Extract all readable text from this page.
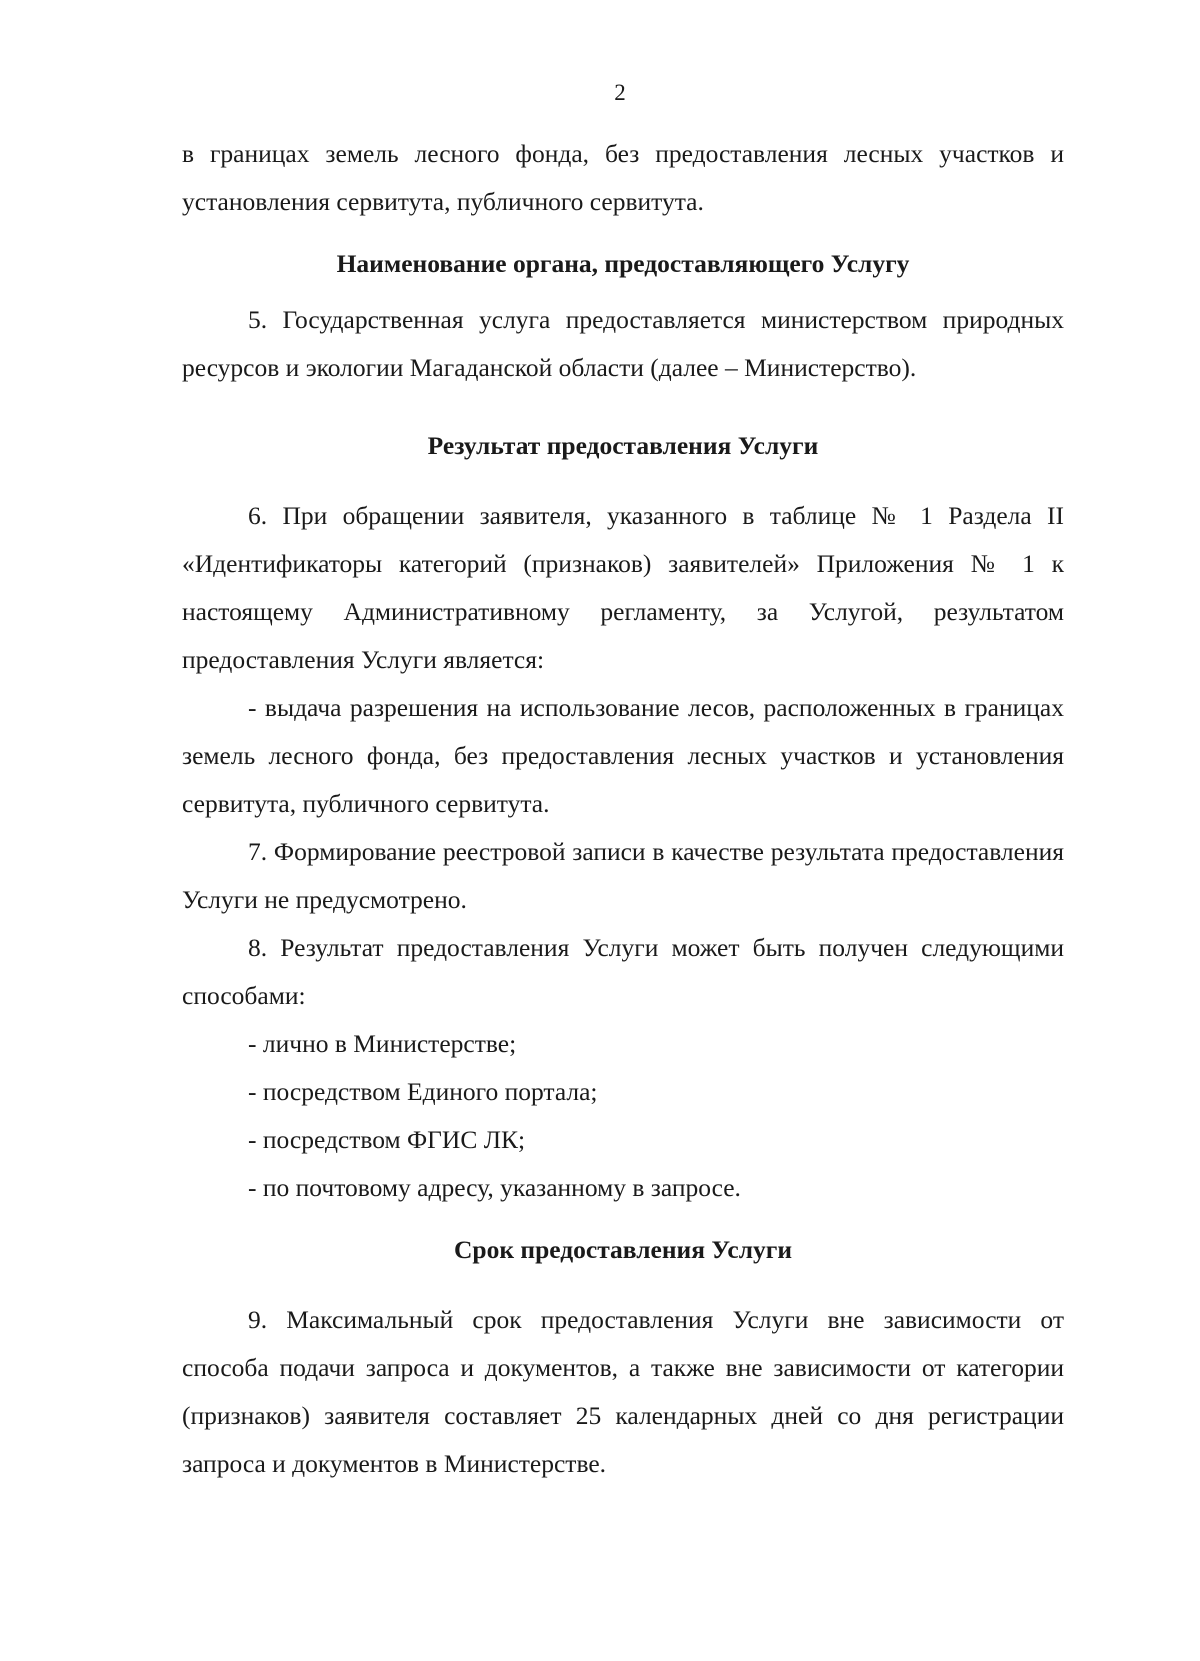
2

в границах земель лесного фонда, без предоставления лесных участков и установления сервитута, публичного сервитута.

Наименование органа, предоставляющего Услугу

5. Государственная услуга предоставляется министерством природных ресурсов и экологии Магаданской области (далее – Министерство).

Результат предоставления Услуги

6. При обращении заявителя, указанного в таблице № 1 Раздела II «Идентификаторы категорий (признаков) заявителей» Приложения № 1 к настоящему Административному регламенту, за Услугой, результатом предоставления Услуги является:

- выдача разрешения на использование лесов, расположенных в границах земель лесного фонда, без предоставления лесных участков и установления сервитута, публичного сервитута.

7. Формирование реестровой записи в качестве результата предоставления Услуги не предусмотрено.

8. Результат предоставления Услуги может быть получен следующими способами:

- лично в Министерстве;

- посредством Единого портала;

- посредством ФГИС ЛК;

- по почтовому адресу, указанному в запросе.

Срок предоставления Услуги

9. Максимальный срок предоставления Услуги вне зависимости от способа подачи запроса и документов, а также вне зависимости от категории (признаков) заявителя составляет 25 календарных дней со дня регистрации запроса и документов в Министерстве.
